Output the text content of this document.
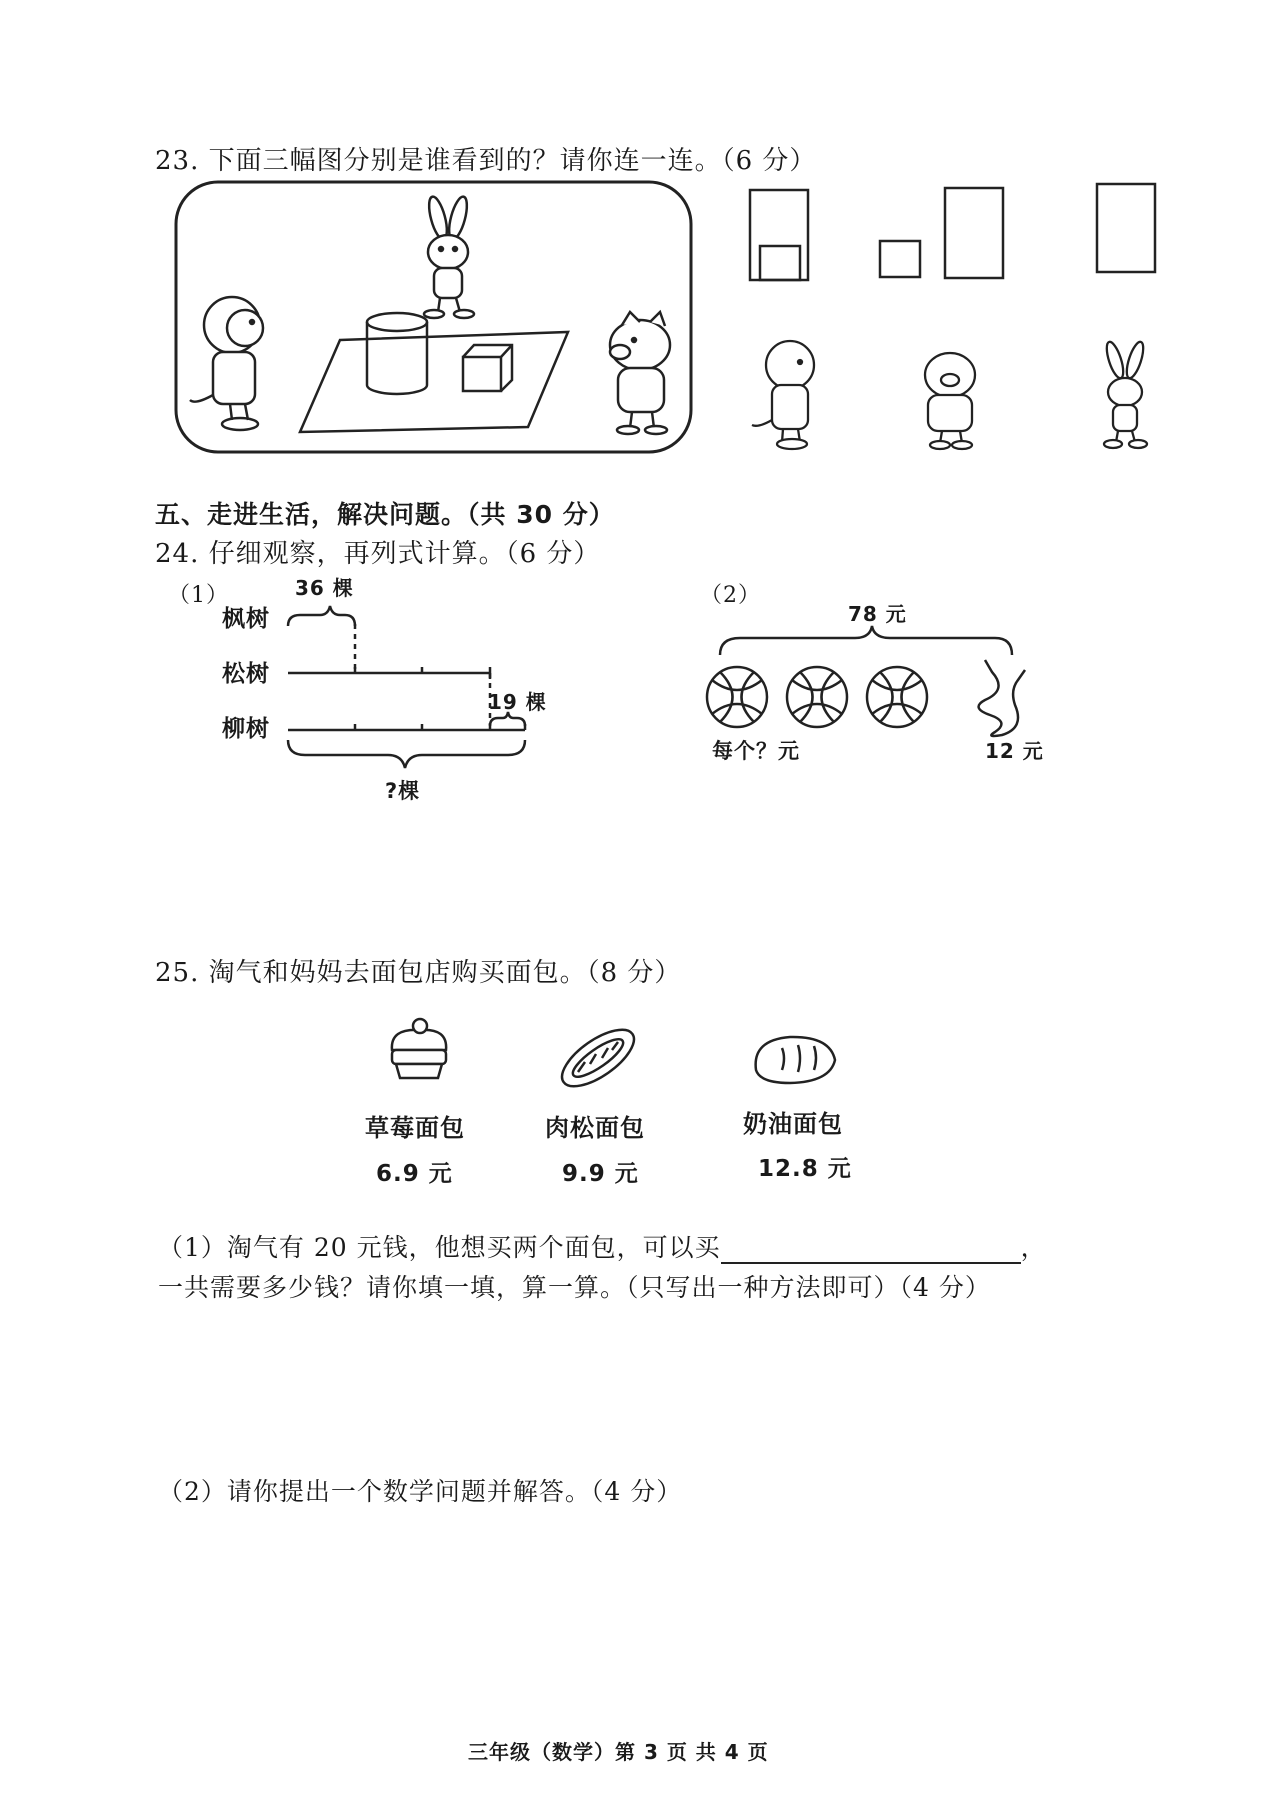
23. 下面三幅图分别是谁看到的？请你连一连。（6 分）
五、走进生活，解决问题。（共 30 分）
24. 仔细观察，再列式计算。（6 分）
（1）
枫树
松树
柳树
36 棵
19 棵
?棵
（2）
78 元
每个？元	12 元
25. 淘气和妈妈去面包店购买面包。（8 分）
草莓面包	肉松面包	奶油面包
6.9 元	9.9 元	12.8 元
（1）淘气有 20 元钱，他想买两个面包，可以买	，
一共需要多少钱？请你填一填，算一算。（只写出一种方法即可）（4 分）
（2）请你提出一个数学问题并解答。（4 分）
三年级（数学）第 3 页 共 4 页
